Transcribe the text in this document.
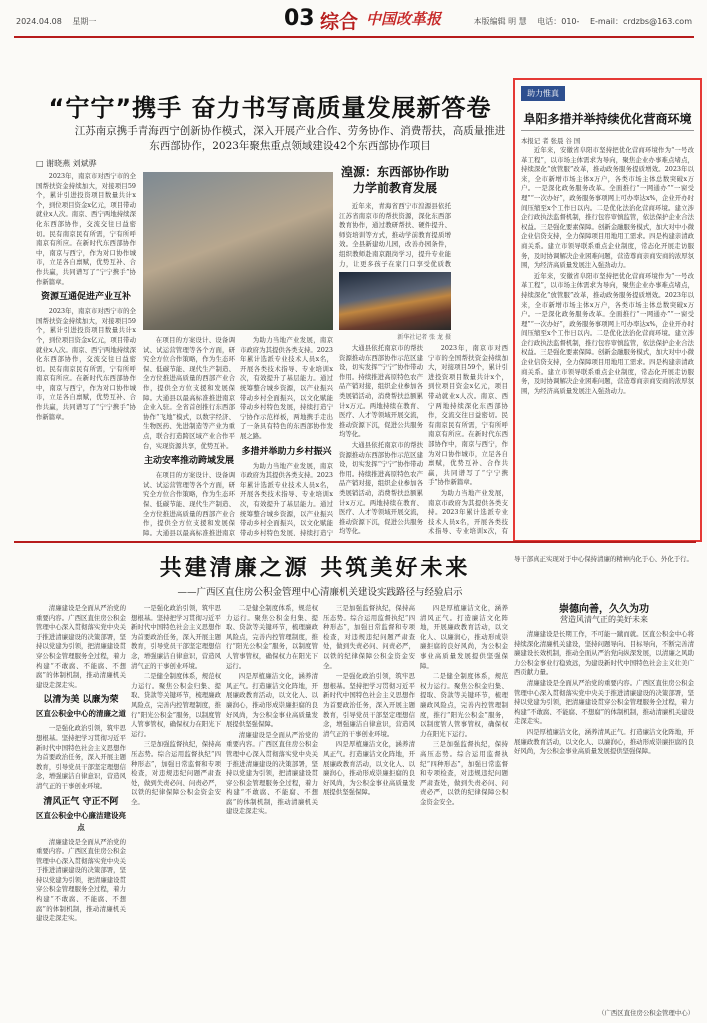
2024.04.08 星期一	03 综合 中国改革报	本版编辑 明 慧 电话：010- E-mail：crdzbs@163.com
“宁宁”携手 奋力书写高质量发展新答卷
江苏南京携手青海西宁创新协作模式，深入开展产业合作、劳务协作、消费帮扶，高质量推进东西部协作，2023年聚焦重点领域建设42个东西部协作项目
□ 谢晓燕 刘斌骅

2023年，南京市对西宁市的全国帮扶资金持续加大，对接项目59个，累计引进投资项目数量共计x个，到位项目资金x亿元，项目带动就业x人次。南京、西宁两地持续深化东西部协作，交流交往日益密切。民有南京民有所需，宁有所呼南京有所应。在新时代东西部协作中，南京与西宁，作为对口协作城市，立足各自禀赋，优势互补、合作共赢，共同谱写了“宁宁携手”协作新篇章。

资源互通促进产业互补

2023年，南京市对西宁市的全国帮扶资金持续加大，对接项目59个，累计引进投资项目数量共计x个，到位项目资金x亿元，项目带动就业x人次。南京、西宁两地持续深化东西部协作，交流交往日益密切。民有南京民有所需，宁有所呼南京有所应。在新时代东西部协作中，南京与西宁，作为对口协作城市，立足各自禀赋，优势互补、合作共赢，共同谱写了“宁宁携手”协作新篇章。

在项目的方案设计、设备调试、试运营管理等各个方面，研究全方位合作策略，作为生态环保、低碳节能、现代生产制造、全方位推进高质量的西部产业合作，提供全方位支援和发展保障。大通县以最高标准推进南京企业入驻。全省首创推行东西部协作“飞地”模式，以数字经济、生物医药、先进制造等产业为重点，联合打造跨区域产业合作平台，实现资源共享，优势互补。

主动安率推动跨域发展

在项目的方案设计、设备调试、试运营管理等各个方面，研究全方位合作策略，作为生态环保、低碳节能、现代生产制造、全方位推进高质量的西部产业合作，提供全方位支援和发展保障。大通县以最高标准推进南京

为助力当地产业发展，南京市政府为其提供各类支持。2023年累计选派专业技术人员x名，开展各类技术指导、专业培训x次，有效提升了基层能力。通过统筹整合城乡资源，以产业振兴带动乡村全面振兴，以文化赋能带动乡村特色发展，持续打造宁宁协作示范样板，两地携手走出了一条具有特色的东西部协作发展之路。

多措并举助力乡村振兴

为助力当地产业发展，南京市政府为其提供各类支持。2023年累计选派专业技术人员x名，开展各类技术指导、专业培训x次，有效提升了基层能力。通过统筹整合城乡资源，以产业振兴带动乡村全面振兴，以文化赋能带动乡村特色发展，持续打造宁

湟源：东西部协作助力学前教育发展

近年来，青海省西宁市湟源县依托江苏省南京市的帮扶资源，深化东西部教育协作，通过教研帮扶、硬件提升、师资培训等方式，推动学前教育提质增效。全县新建幼儿园，改善办园条件，组织教师赴南京跟岗学习，提升专业能力，让更多孩子在家门口享受优质教

新华社记者 张 龙 摄

大通县依托南京市的帮扶资源推动东西部协作示范区建设，切实发挥“宁宁”协作带动作用。持续推进高原特色农产品产销对接，组织企业参加各类展销活动，消费帮扶总额累计x万元。两地持续在教育、医疗、人才等领域开展交流，推动资源下沉，促进公共服务均等化。

大通县依托南京市的帮扶资源推动东西部协作示范区建设，切实发挥“宁宁”协作带动作用。持续推进高原特色农产品产销对接，组织企业参加各类展销活动，消费帮扶总额累计x万元。两地持续在教育、医疗、人才等领域开展交流，推动资源下沉，促进公共服务均等化。

2023年，南京市对西宁市的全国帮扶资金持续加大，对接项目59个，累计引进投资项目数量共计x个，到位项目资金x亿元，项目带动就业x人次。南京、西宁两地持续深化东西部协作，交流交往日益密切。民有南京民有所需，宁有所呼南京有所应。在新时代东西部协作中，南京与西宁，作为对口协作城市，立足各自禀赋，优势互补、合作共赢，共同谱写了“宁宁携手”协作新篇章。

为助力当地产业发展，南京市政府为其提供各类支持。2023年累计选派专业技术人员x名，开展各类技术指导、专业培训x次，有

助力惟真
阜阳多措并举持续优化营商环境
本报记 者 张晨 谷 国

近年来，安徽省阜阳市坚持把优化营商环境作为“一号改革工程”，以市场主体需求为导向，聚焦企业办事难点堵点，持续深化“放管服”改革，推动政务服务提质增效。2023年以来，全市新增市场主体x万户，各类市场主体总数突破x万户。一是深化政务服务改革。全面推行“一网通办”“一窗受理”“一次办好”，政务服务事项网上可办率达x%，企业开办时间压缩至x个工作日以内。二是优化法治化营商环境。建立涉企行政执法监督机制，推行包容审慎监管，依法保护企业合法权益。三是强化要素保障。创新金融服务模式，加大对中小微企业信贷支持，全力保障项目用地用工需求。四是构建亲清政商关系。建立市领导联系重点企业制度，常态化开展走访服务，及时协调解决企业困难问题，营造尊商亲商安商的浓厚氛围，为经济高质量发展注入强劲动力。

近年来，安徽省阜阳市坚持把优化营商环境作为“一号改革工程”，以市场主体需求为导向，聚焦企业办事难点堵点，持续深化“放管服”改革，推动政务服务提质增效。2023年以来，全市新增市场主体x万户，各类市场主体总数突破x万户。一是深化政务服务改革。全面推行“一网通办”“一窗受理”“一次办好”，政务服务事项网上可办率达x%，企业开办时间压缩至x个工作日以内。二是优化法治化营商环境。建立涉企行政执法监督机制，推行包容审慎监管，依法保护企业合法权益。三是强化要素保障。创新金融服务模式，加大对中小微企业信贷支持，全力保障项目用地用工需求。四是构建亲清政商关系。建立市领导联系重点企业制度，常态化开展走访服务，及时协调解决企业困难问题，营造尊商亲商安商的浓厚氛围，为经济高质量发展注入强劲动力。

共建清廉之源 共筑美好未来
——广西区直住房公积金管理中心清廉机关建设实践路径与经验启示

清廉建设是全面从严治党的重要内容。广西区直住房公积金管理中心深入贯彻落实党中央关于推进清廉建设的决策部署，坚持以党建为引领，把清廉建设贯穿公积金管理服务全过程，着力构建“不敢腐、不能腐、不想腐”的体制机制，推动清廉机关建设走深走实。

以清为美 以廉为荣
区直公积金中心的清廉之道

一是强化政治引领，筑牢思想根基。坚持把学习贯彻习近平新时代中国特色社会主义思想作为首要政治任务，深入开展主题教育，引导党员干部坚定理想信念，增强廉洁自律意识，营造风清气正的干事创业环境。

清风正气 守正不阿
区直公积金中心廉洁建设亮点

清廉建设是全面从严治党的重要内容。广西区直住房公积金管理中心深入贯彻落实党中央关于推进清廉建设的决策部署，坚持以党建为引领，把清廉建设贯穿公积金管理服务全过程，着力构建“不敢腐、不能腐、不想腐”的体制机制，推动清廉机关建设走深走实。

一是强化政治引领，筑牢思想根基。坚持把学习贯彻习近平新时代中国特色社会主义思想作为首要政治任务，深入开展主题教育，引导党员干部坚定理想信念，增强廉洁自律意识，营造风清气正的干事创业环境。

二是健全制度体系，规范权力运行。聚焦公积金归集、提取、贷款等关键环节，梳理廉政风险点，完善内控管理制度，推行“阳光公积金”服务，以制度管人管事管权，确保权力在阳光下运行。

三是加强监督执纪，保持高压态势。综合运用监督执纪“四种形态”，加强日常监督和专项检查，对违规违纪问题严肃查处，做到失责必问、问责必严，以铁的纪律保障公积金资金安全。

二是健全制度体系，规范权力运行。聚焦公积金归集、提取、贷款等关键环节，梳理廉政风险点，完善内控管理制度，推行“阳光公积金”服务，以制度管人管事管权，确保权力在阳光下运行。

四是厚植廉洁文化，涵养清风正气。打造廉洁文化阵地，开展廉政教育活动，以文化人、以廉润心，推动形成崇廉拒腐的良好风尚，为公积金事业高质量发展提供坚强保障。

清廉建设是全面从严治党的重要内容。广西区直住房公积金管理中心深入贯彻落实党中央关于推进清廉建设的决策部署，坚持以党建为引领，把清廉建设贯穿公积金管理服务全过程，着力构建“不敢腐、不能腐、不想腐”的体制机制，推动清廉机关建设走深走实。

三是加强监督执纪，保持高压态势。综合运用监督执纪“四种形态”，加强日常监督和专项检查，对违规违纪问题严肃查处，做到失责必问、问责必严，以铁的纪律保障公积金资金安全。

一是强化政治引领，筑牢思想根基。坚持把学习贯彻习近平新时代中国特色社会主义思想作为首要政治任务，深入开展主题教育，引导党员干部坚定理想信念，增强廉洁自律意识，营造风清气正的干事创业环境。

四是厚植廉洁文化，涵养清风正气。打造廉洁文化阵地，开展廉政教育活动，以文化人、以廉润心，推动形成崇廉拒腐的良好风尚，为公积金事业高质量发展提供坚强保障。

四是厚植廉洁文化，涵养清风正气。打造廉洁文化阵地，开展廉政教育活动，以文化人、以廉润心，推动形成崇廉拒腐的良好风尚，为公积金事业高质量发展提供坚强保障。

二是健全制度体系，规范权力运行。聚焦公积金归集、提取、贷款等关键环节，梳理廉政风险点，完善内控管理制度，推行“阳光公积金”服务，以制度管人管事管权，确保权力在阳光下运行。

三是加强监督执纪，保持高压态势。综合运用监督执纪“四种形态”，加强日常监督和专项检查，对违规违纪问题严肃查处，做到失责必问、问责必严，以铁的纪律保障公积金资金安全。

导干部真正实现对于中心保持清廉的精神内化于心、外化于行。
崇德向善，久久为功
营造风清气正的美好未来

清廉建设是长期工作，不可能一蹴而就。区直公积金中心将持续深化清廉机关建设，坚持问题导向、目标导向，不断完善清廉建设长效机制，推动全面从严治党向纵深发展，以清廉之风助力公积金事业行稳致远，为建设新时代中国特色社会主义壮美广西贡献力量。

清廉建设是全面从严治党的重要内容。广西区直住房公积金管理中心深入贯彻落实党中央关于推进清廉建设的决策部署，坚持以党建为引领，把清廉建设贯穿公积金管理服务全过程，着力构建“不敢腐、不能腐、不想腐”的体制机制，推动清廉机关建设走深走实。

四是厚植廉洁文化，涵养清风正气。打造廉洁文化阵地，开展廉政教育活动，以文化人、以廉润心，推动形成崇廉拒腐的良好风尚，为公积金事业高质量发展提供坚强保障。

（广西区直住房公积金管理中心）
